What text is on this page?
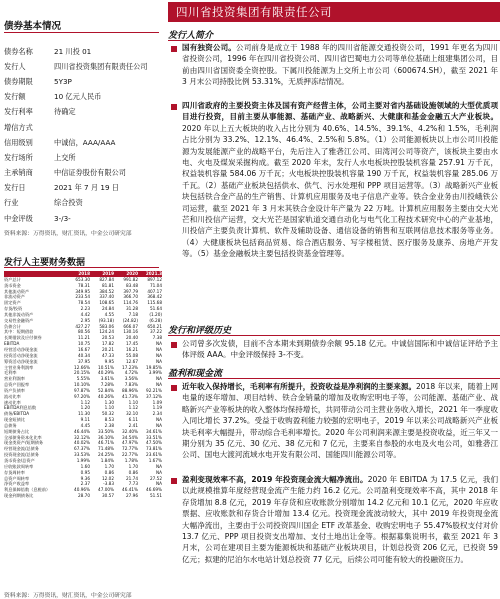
债券基本情况
债券名称	21 川投 01
发行人	四川省投资集团有限责任公司
债券期限	5Y3P
发行额	10 亿元人民币
发行利率	待确定
增信方式
信用级别	中诚信，AAA/AAA
发行场所	上交所
主承销商	中信证券股份有限公司
发行日	2021 年 7 月 19 日
行业	综合投资
中金评级	3-/3-
资料来源：万得资讯，财汇资讯，中金公司研究部
发行人主要财务数据
2018	2019	2020	2021.3
资产总计	653.30	827.84	991.82	897.12
货币资金	78.31	81.81	83.48	71.04
其他流动资产	349.95	384.52	397.79	407.17
非流动资产	233.54	337.40	366.70	368.42
固定资产	78.54	108.65	114.76	115.68
存货/投资	2.23	24.84	31.28	51.64
其他非流动资产	4.42	4.55	7.18	(1.20)
交易性金融资产	2.95	(93.18)	(24.82)	(6.28)
负债合计	427.27	583.06	666.07	650.21
其中：短期借款	80.56	124.24	130.16	37.22
长期借款及应付债券	11.21	20.53	20.40	7.38
EBITDA	10.75	17.82	17.45	NA
经营活动净现金流	16.67	20.21	16.21	NA
投资活动净现金流	40.34	47.33	55.08	NA
筹资活动净现金流	37.95	9.95	12.67	NA
主营业务利润率	12.66%	10.51%	17.23%	19.85%
毛利率	20.15%	40.29%	4.72%	3.99%
营业利润率	5.55%	3.61%	3.56%	NA
总资产回报率	10.10%	7.28%	7.83%	NA
资产负债率	97.87%	52.84%	88.96%	92.21%
流动比率	97.20%	40.26%	41.73%	37.12%
速动比率	1.12	1.30	1.10	1.09
EBITDA利息倍数	1.20	1.10	1.12	1.19
债务/EBITDA	11.30	50.32	32.10	2.34
现金短债比	9.11	8.53	6.11	NA
总债务	4.45	2.38	2.41	NA
短期债务占比	46.44%	33.50%	32.40%	34.61%
全部债务资本化比率	32.12%	36.10%	34.54%	33.51%
现金类资产/短期债务	40.02%	46.71%	47.97%	47.50%
经营现金流/总债务	67.37%	71.48%	72.77%	73.81%
投资现金流/总债务	33.53%	24.25%	22.77%	23.61%
货币资金/总资产	1.99%	1.84%	1.78%	1.67%
应收账款周转率	1.60	1.70	1.70	NA
存货周转率	0.95	0.86	0.86	NA
总资产周转率	9.36	12.02	21.74	27.52
净资产收益率	2.37	-3.83	7.73	NA
利息保障倍数（息税前）	40.96%	47.00%	46.41%	46.69%
现金到期债务比	28.70	30.57	27.96	51.51
资料来源：万得资讯，财汇资讯，中金公司研究部
四川省投资集团有限责任公司
发行人简介
国有独资公司。公司前身是成立于 1988 年的四川省能源交通投资公司，1991 年更名为四川省投资公司，1996 年在四川省投资公司、四川省巴蜀电力公司等单位基础上组建集团公司，目前由四川省国资委全资控股。下属川投能源为上交所上市公司（600674.SH），截至 2021 年 3 月末公司持股比例 53.31%，无质押冻结情况。
四川省政府的主要投资主体及国有资产经营主体，公司主要对省内基础设施领域的大型优质项目进行投资，目前主要从事能源、基础产业、战略新兴、大健康和基金金融五大产业板块。2020 年以上五大板块的收入占比分别为 40.6%、14.5%、39.1%、4.2%和 1.5%，毛利润占比分别为 33.2%、12.1%、46.4%、2.5%和 5.8%。（1）公司能源板块以上市公司川投能源为发展能源产业的战略平台，先后注入了雅砻江公司、田湾河公司等资产，该板块主要由水电、火电及煤炭采掘构成。截至 2020 年末，发行人水电板块控股装机容量 257.91 万千瓦，权益装机容量 584.06 万千瓦；火电板块控股装机容量 190 万千瓦，权益装机容量 285.06 万千瓦。（2）基础产业板块包括供水、供气、污水处理和 PPP 项目运营等。（3）战略新兴产业板块包括铁合金产品的生产销售、计算机应用服务及电子信息产业等。铁合金业务由川投峨铁公司运营，截至 2021 年 3 月末其铁合金设计年产量为 22 万吨。计算机应用服务主要由交大光芒和川投信产运营，交大光芒是国家轨道交通自动化与电气化工程技术研究中心的产业基地，川投信产主要负责计算机、软件及辅助设备、通信设备的销售和互联网信息技术服务等业务。（4）大健康板块包括商品贸易、综合酒店服务、写字楼租赁、医疗服务及康养、房地产开发等。（5）基金金融板块主要包括投资基金管理等。
发行和评级历史
公司曾多次发债，目前不含本期未到期债券余额 95.18 亿元。中诚信国际和中诚信证评给予主体评级 AAA。中金评级保持 3-不变。
盈利和现金流
近年收入保持增长，毛利率有所提升，投资收益是净利润的主要来源。2018 年以来，随着上网电量的逐年增加、项目结转、铁合金销量的增加及收购宏明电子等，公司能源、基础产业、战略新兴产业等板块的收入整体均保持增长，共同带动公司主营业务收入增长，2021 年一季度收入同比增长 37.2%。受益于收购盈利能力较强的宏明电子，2019 年以来公司战略新兴产业板块毛利率大幅提升，带动综合毛利率增长。2020 年公司利润来源主要是投资收益，近三年又一期分别为 35 亿元、30 亿元、38 亿元和 7 亿元，主要来自参股的水电及火电公司，如雅砻江公司、国电大渡河流域水电开发有限公司、国能四川能源公司等。
盈利变现效率不高，2019 年投资现金流大幅净流出。2020 年 EBITDA 为 17.5 亿元，我们以此规模推算年度经营现金流产生能力约 16.2 亿元。公司盈利变现效率不高，其中 2018 年存货增加 8.8 亿元，2019 年存货和应收账款分别增加 14.2 亿元和 10.1 亿元，2020 年应收票据、应收账款和存货合计增加 13.4 亿元。投资现金流波动较大，其中 2019 年投资现金流大幅净流出，主要由于公司投资四川国企 ETF 改革基金、收购宏明电子 55.47%股权支付对价 13.7 亿元、PPP 项目投资支出增加、支付土地出让金等。根据募集说明书，截至 2021 年 3 月末，公司在建项目主要为能源板块和基础产业板块项目，计划总投资 206 亿元，已投资 59 亿元；拟建的尼泊尔水电站计划总投资 77 亿元，后续公司可能有较大的投融资压力。
